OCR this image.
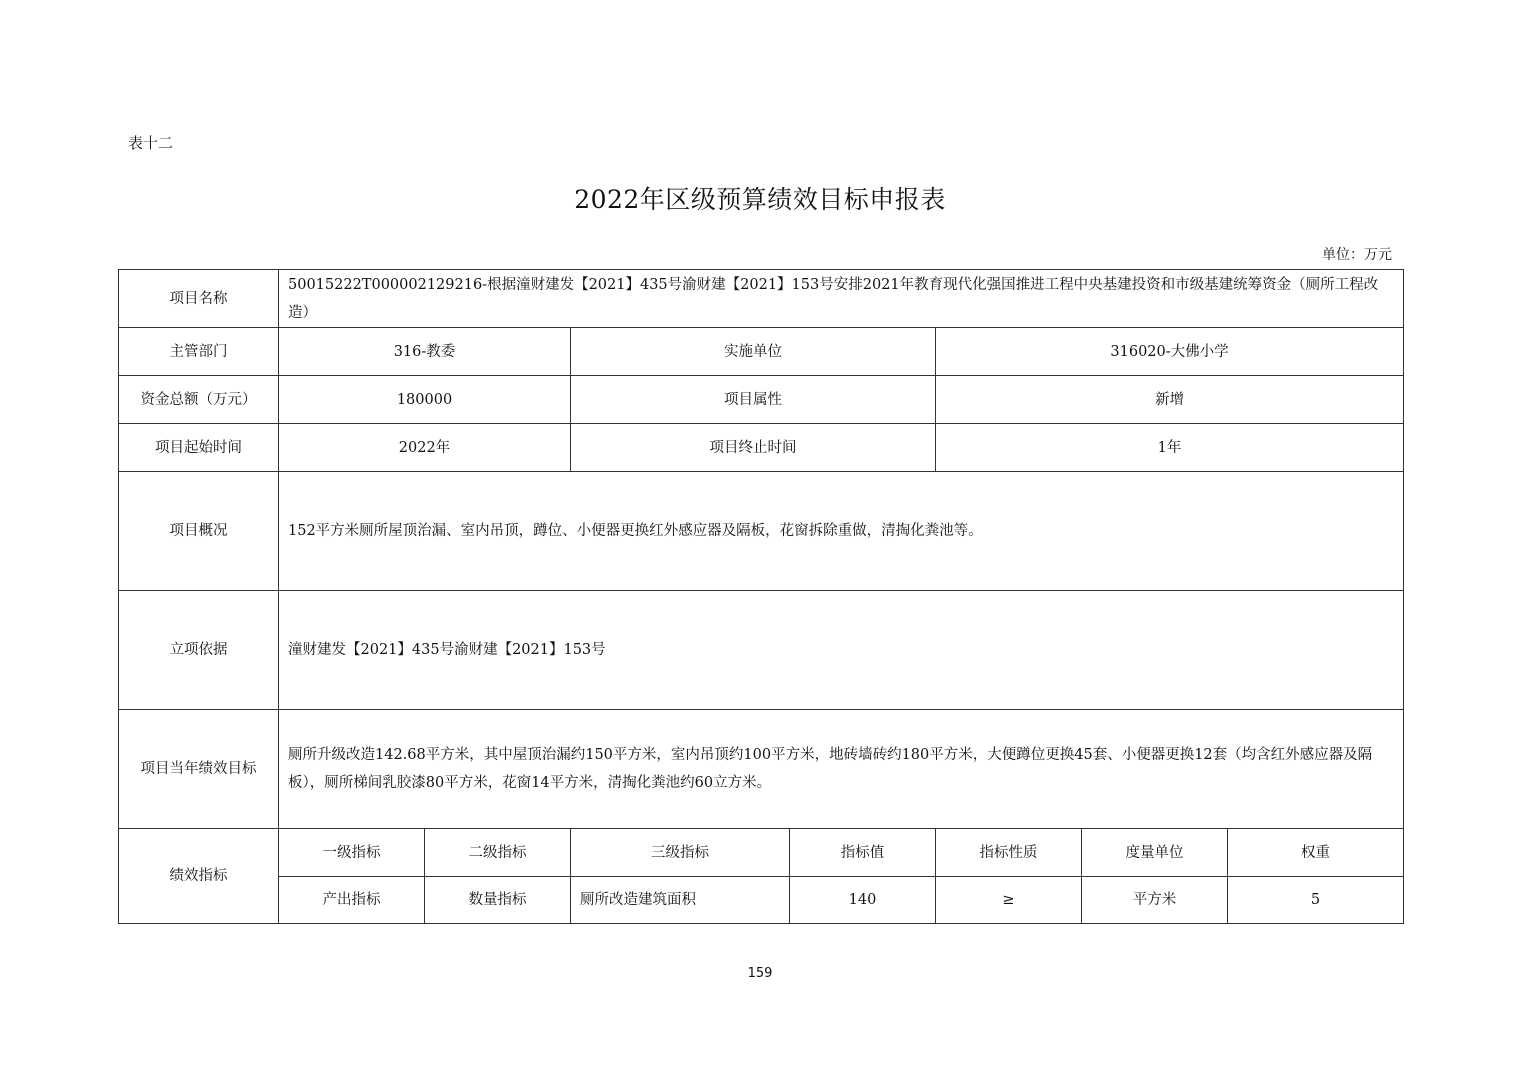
表十二
2022年区级预算绩效目标申报表
单位：万元
项目名称	50015222T000002129216-根据潼财建发【2021】435号渝财建【2021】153号安排2021年教育现代化强国推进工程中央基建投资和市级基建统筹资金（厕所工程改造）						
主管部门	316-教委		实施单位		316020-大佛小学		
资金总额（万元）	180000		项目属性		新增		
项目起始时间	2022年		项目终止时间		1年		
项目概况	152平方米厕所屋顶治漏、室内吊顶，蹲位、小便器更换红外感应器及隔板，花窗拆除重做，清掏化粪池等。						
立项依据	潼财建发【2021】435号渝财建【2021】153号						
项目当年绩效目标	厕所升级改造142.68平方米，其中屋顶治漏约150平方米，室内吊顶约100平方米，地砖墙砖约180平方米，大便蹲位更换45套、小便器更换12套（均含红外感应器及隔板），厕所梯间乳胶漆80平方米，花窗14平方米，清掏化粪池约60立方米。						
绩效指标	一级指标	二级指标	三级指标	指标值	指标性质	度量单位	权重
	产出指标	数量指标	厕所改造建筑面积	140	≥	平方米	5
159
